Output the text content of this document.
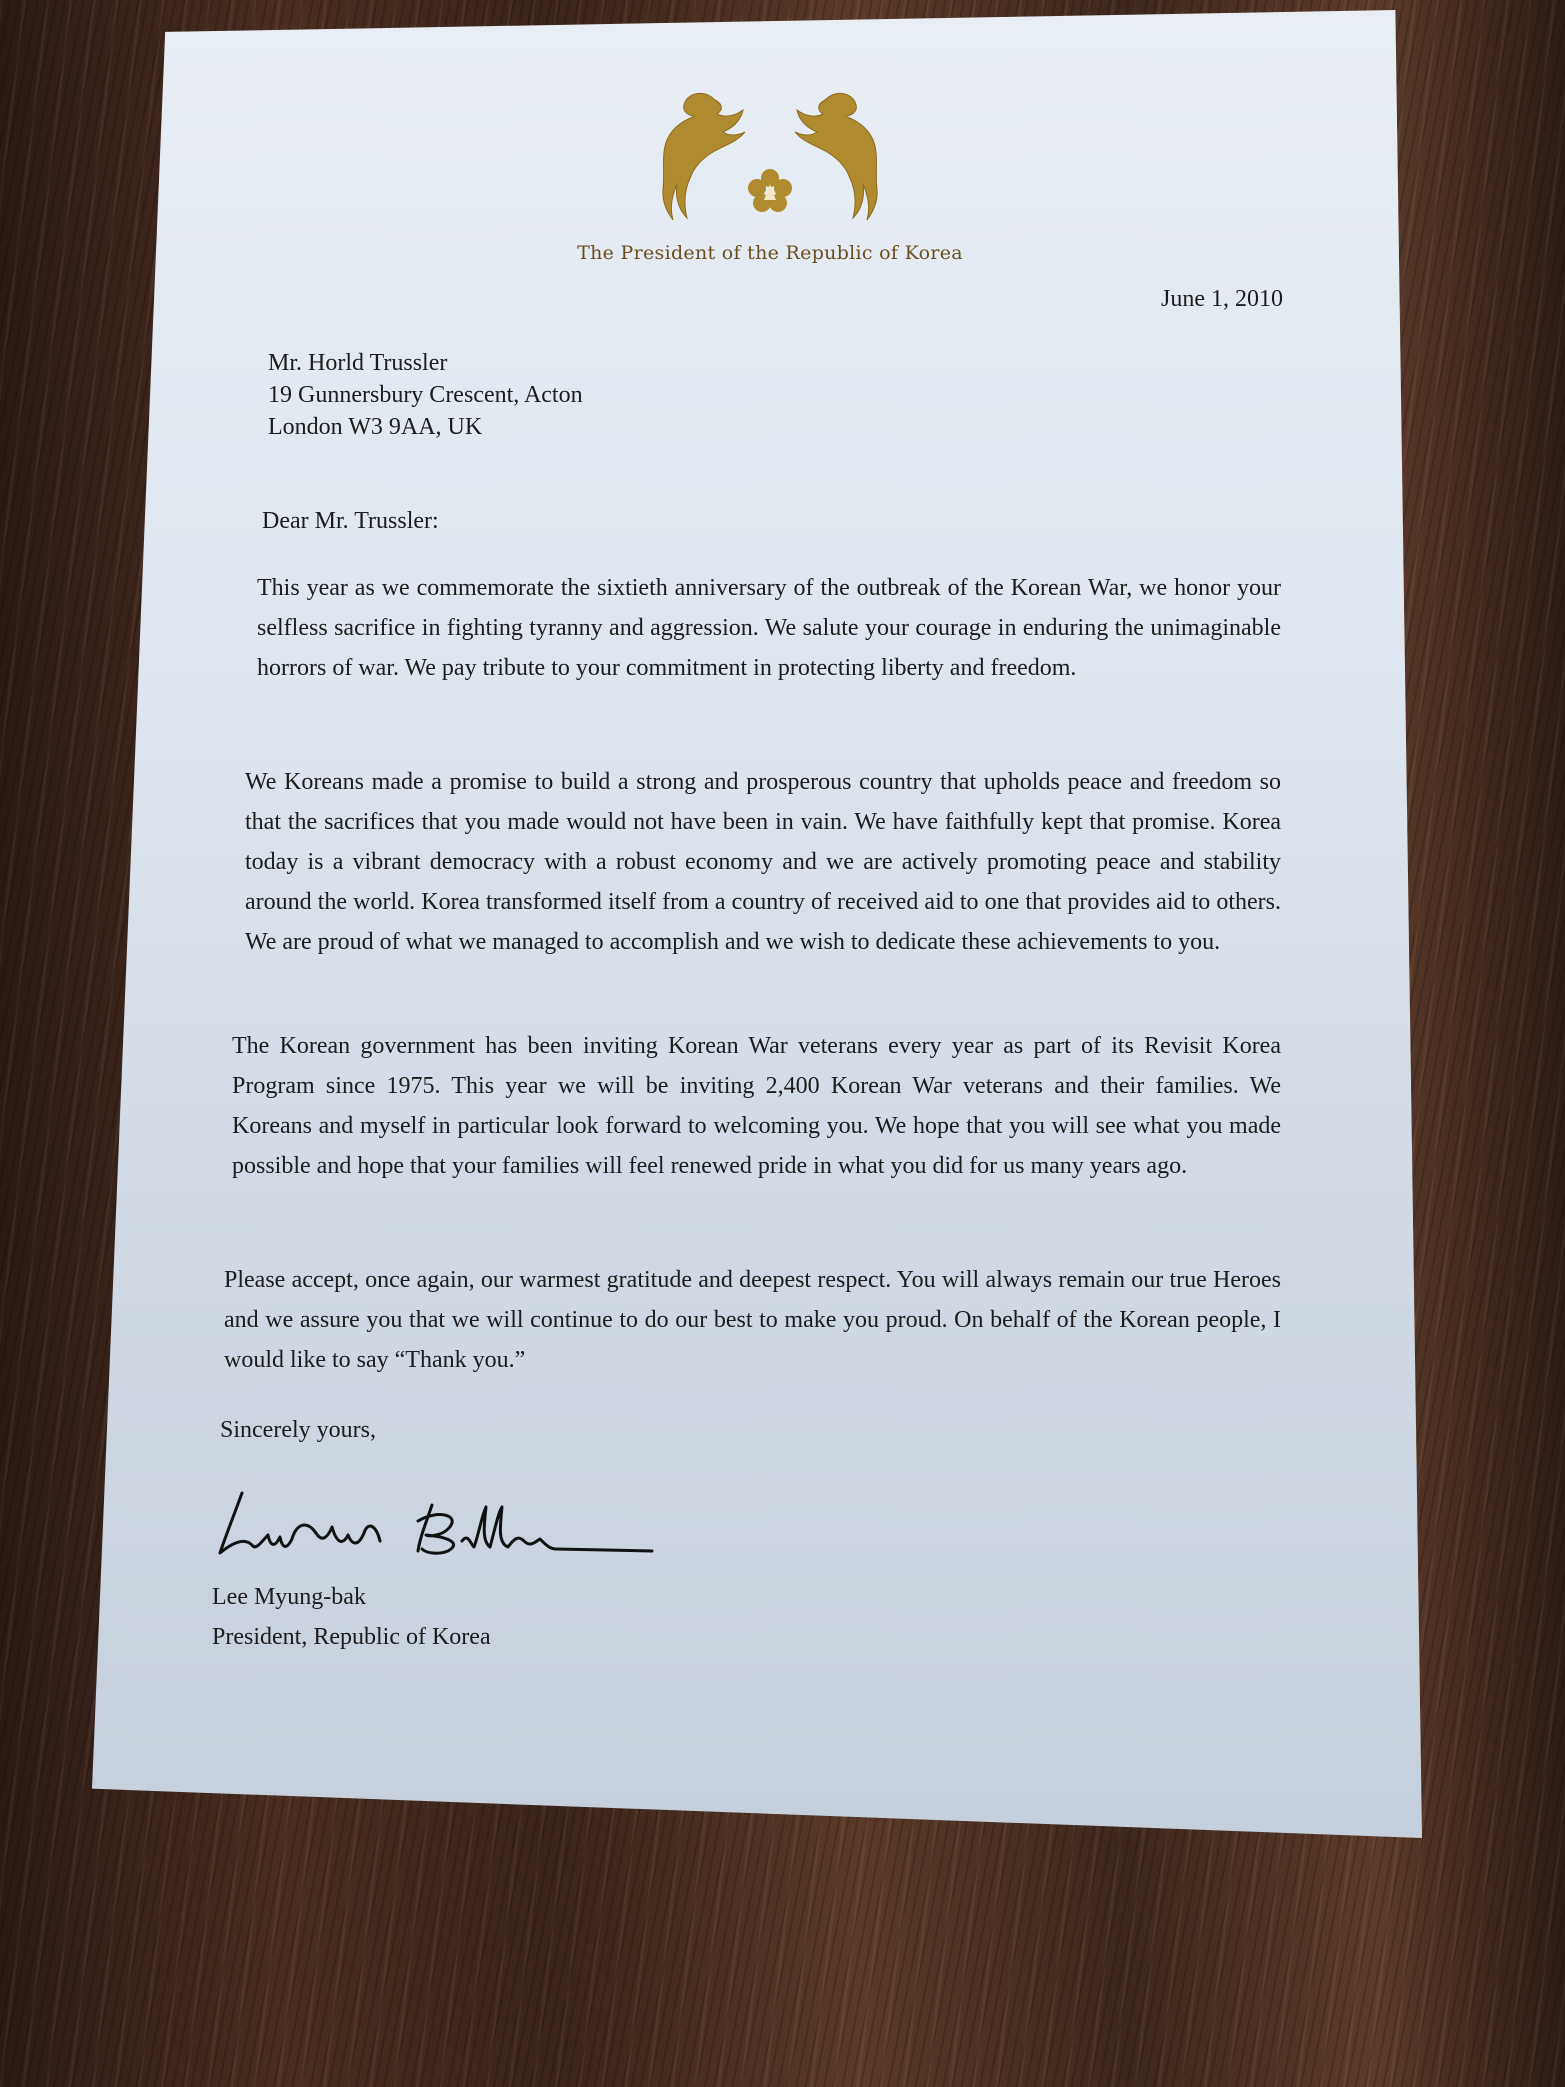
The President of the Republic of Korea
June 1, 2010
Mr. Horld Trussler
19 Gunnersbury Crescent, Acton
London W3 9AA, UK
Dear Mr. Trussler:
This year as we commemorate the sixtieth anniversary of the outbreak of the Korean War, we honor your selfless sacrifice in fighting tyranny and aggression. We salute your courage in enduring the unimaginable horrors of war. We pay tribute to your commitment in protecting liberty and freedom.
We Koreans made a promise to build a strong and prosperous country that upholds peace and freedom so that the sacrifices that you made would not have been in vain. We have faithfully kept that promise. Korea today is a vibrant democracy with a robust economy and we are actively promoting peace and stability around the world. Korea transformed itself from a country of received aid to one that provides aid to others. We are proud of what we managed to accomplish and we wish to dedicate these achievements to you.
The Korean government has been inviting Korean War veterans every year as part of its Revisit Korea Program since 1975. This year we will be inviting 2,400 Korean War veterans and their families. We Koreans and myself in particular look forward to welcoming you. We hope that you will see what you made possible and hope that your families will feel renewed pride in what you did for us many years ago.
Please accept, once again, our warmest gratitude and deepest respect. You will always remain our true Heroes and we assure you that we will continue to do our best to make you proud. On behalf of the Korean people, I would like to say “Thank you.”
Sincerely yours,
Lee Myung-bak
President, Republic of Korea
